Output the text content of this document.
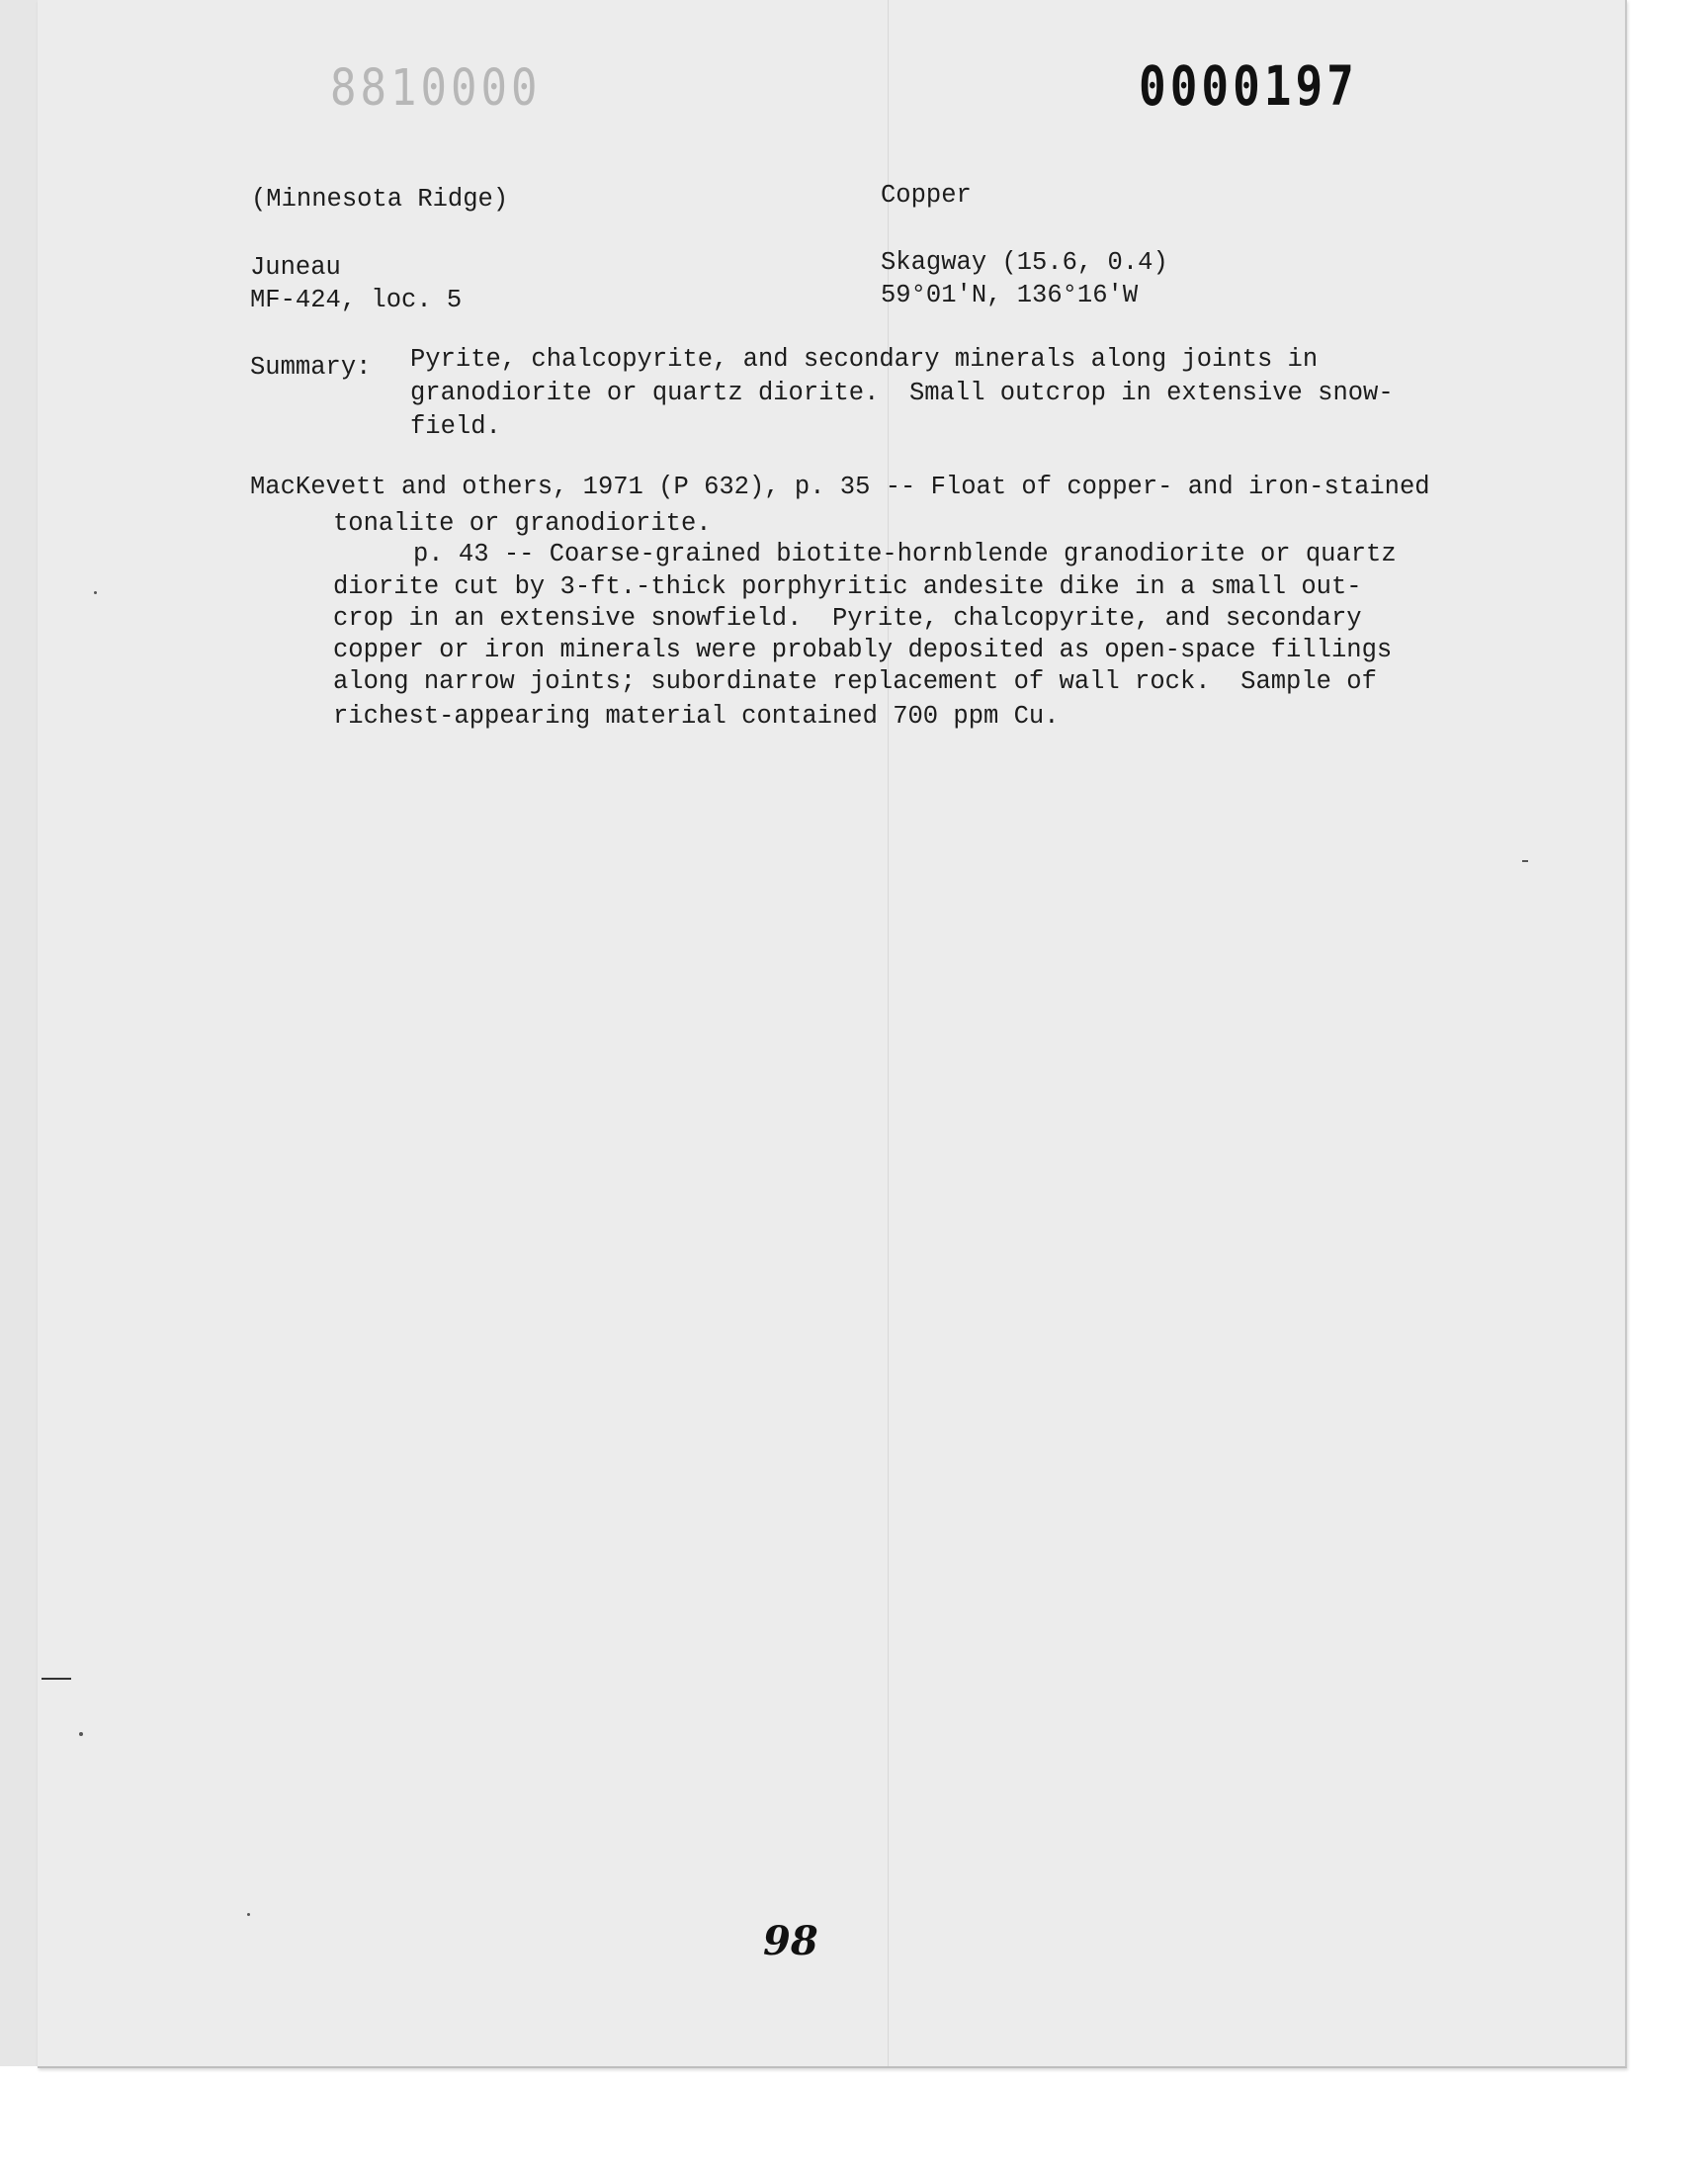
8810000	0000197
(Minnesota Ridge)	Copper
Juneau	Skagway (15.6, 0.4)
MF-424, loc. 5	59°01'N, 136°16'W
Summary: Pyrite, chalcopyrite, and secondary minerals along joints in
granodiorite or quartz diorite.  Small outcrop in extensive snow-
field.
MacKevett and others, 1971 (P 632), p. 35 -- Float of copper- and iron-stained
tonalite or granodiorite.
p. 43 -- Coarse-grained biotite-hornblende granodiorite or quartz
diorite cut by 3-ft.-thick porphyritic andesite dike in a small out-
crop in an extensive snowfield.  Pyrite, chalcopyrite, and secondary
copper or iron minerals were probably deposited as open-space fillings
along narrow joints; subordinate replacement of wall rock.  Sample of
richest-appearing material contained 700 ppm Cu.
98
